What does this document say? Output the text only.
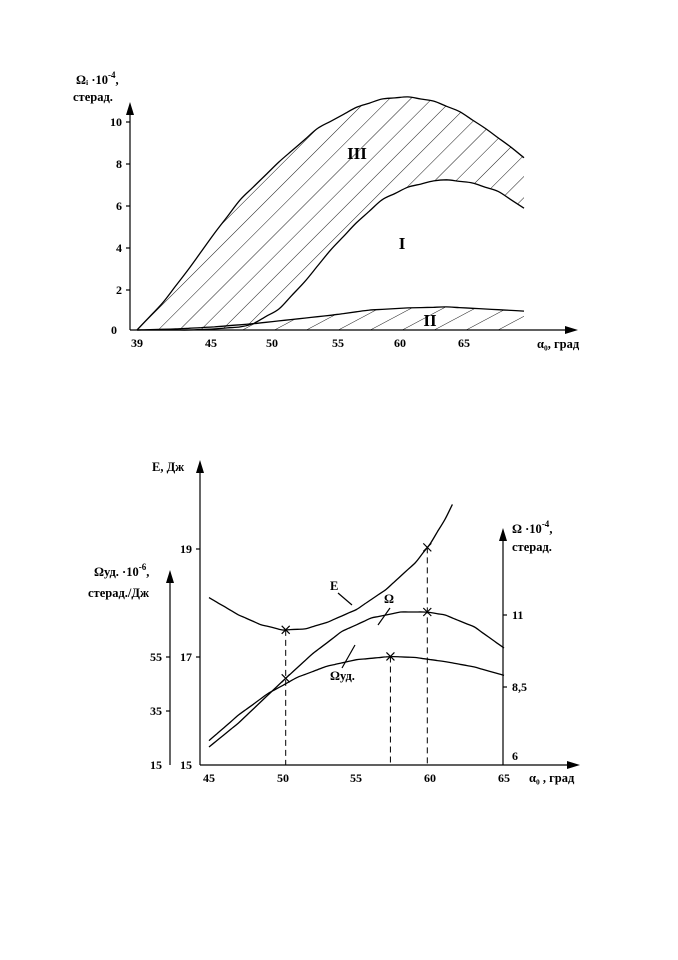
0
2
4
6
8
10
39	45	50	55	60	65
Ωᵢ $\cdot 10^{-4}$,
стерад.
α₀, град
III
I
II
15
17
19
15
35
55
6
8,5
11
45	50	55	60	65
E, Дж
Ωуд. $\cdot 10^{-6}$,
стерад./Дж
$\Omega \cdot 10^{-4}$,
стерад.
α₀ , град
E
Ω
Ωуд.
